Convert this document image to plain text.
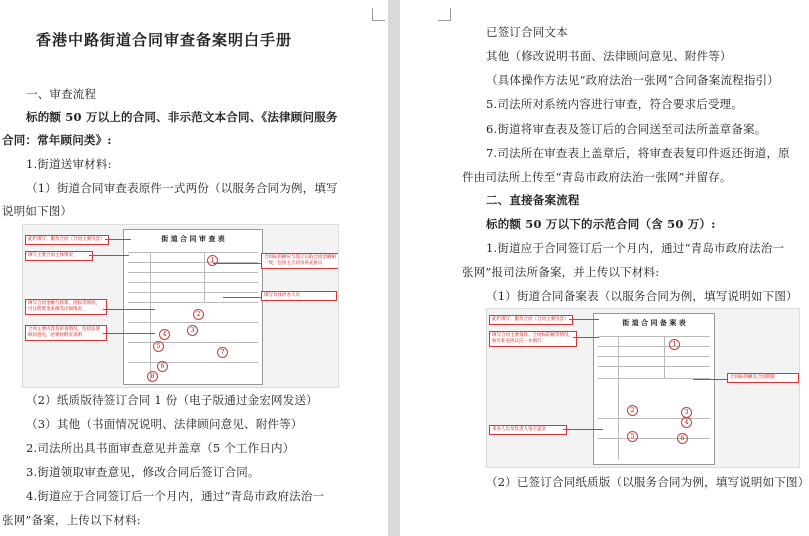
香港中路街道合同审查备案明白手册
一、审查流程
标的额 50 万以上的合同、非示范文本合同、《法律顾问服务
合同：常年顾问类》:
1.街道送审材料:
（1）街道合同审查表原件一式两份（以服务合同为例，填写
说明如下图）
街 道 合 同 审 查 表
此栏填写：服务合同（合同主要内容）
填写主要合同主体情况	合同标的额应与签订后的合同金额相一致，包括主合同及补充协议
填写合同金额与预算、招标等情况，可注明资金来源等详细情况
填写具体经办人员
合同主要内容及审查情况，包括法律顾问意见，必要时附页说明
1
2
3
4
5
6
7
8
（2）纸质版待签订合同 1 份（电子版通过金宏网发送）
（3）其他（书面情况说明、法律顾问意见、附件等）
2.司法所出具书面审查意见并盖章（5 个工作日内）
3.街道领取审查意见，修改合同后签订合同。
4.街道应于合同签订后一个月内，通过“青岛市政府法治一
张网”备案，上传以下材料:
已签订合同文本
其他（修改说明书面、法律顾问意见、附件等）
（具体操作方法见“政府法治一张网”合同备案流程指引）
5.司法所对系统内容进行审查，符合要求后受理。
6.街道将审查表及签订后的合同送至司法所盖章备案。
7.司法所在审查表上盖章后，将审查表复印件返还街道，原
件由司法所上传至“青岛市政府法治一张网”并留存。
二、直接备案流程
标的额 50 万以下的示范合同（含 50 万）:
1.街道应于合同签订后一个月内，通过“青岛市政府法治一
张网”报司法所备案，并上传以下材料:
（1）街道合同备案表（以服务合同为例，填写说明如下图）
街 道 合 同 备 案 表
此栏填写：服务合同（合同主要内容）
填写合同主要条款、合同标的额等情况，如有补充协议应一并填写
合同标的额及合同期限
承办人员及负责人签字盖章
1
2	3
4
5	6
（2）已签订合同纸质版（以服务合同为例，填写说明如下图）
